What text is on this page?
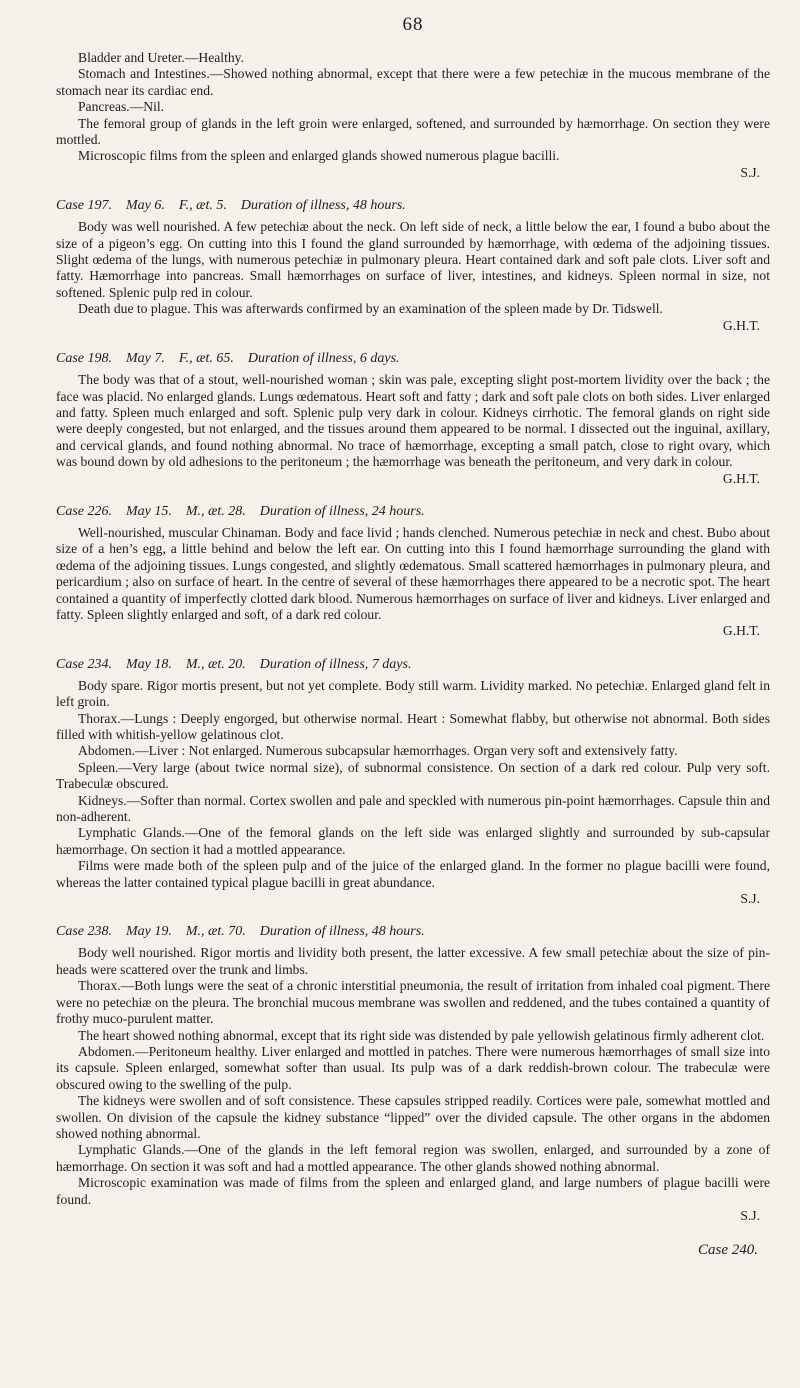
68

Bladder and Ureter.—Healthy.

Stomach and Intestines.—Showed nothing abnormal, except that there were a few petechiæ in the mucous membrane of the stomach near its cardiac end.

Pancreas.—Nil.

The femoral group of glands in the left groin were enlarged, softened, and surrounded by hæmorrhage. On section they were mottled.

Microscopic films from the spleen and enlarged glands showed numerous plague bacilli.

S.J.
Case 197. May 6. F., æt. 5. Duration of illness, 48 hours.

Body was well nourished. A few petechiæ about the neck. On left side of neck, a little below the ear, I found a bubo about the size of a pigeon’s egg. On cutting into this I found the gland surrounded by hæmorrhage, with œdema of the adjoining tissues. Slight œdema of the lungs, with numerous petechiæ in pulmonary pleura. Heart contained dark and soft pale clots. Liver soft and fatty. Hæmorrhage into pancreas. Small hæmorrhages on surface of liver, intestines, and kidneys. Spleen normal in size, not softened. Splenic pulp red in colour.

Death due to plague. This was afterwards confirmed by an examination of the spleen made by Dr. Tidswell.

G.H.T.
Case 198. May 7. F., æt. 65. Duration of illness, 6 days.

The body was that of a stout, well-nourished woman ; skin was pale, excepting slight post-mortem lividity over the back ; the face was placid. No enlarged glands. Lungs œdematous. Heart soft and fatty ; dark and soft pale clots on both sides. Liver enlarged and fatty. Spleen much enlarged and soft. Splenic pulp very dark in colour. Kidneys cirrhotic. The femoral glands on right side were deeply congested, but not enlarged, and the tissues around them appeared to be normal. I dissected out the inguinal, axillary, and cervical glands, and found nothing abnormal. No trace of hæmorrhage, excepting a small patch, close to right ovary, which was bound down by old adhesions to the peritoneum ; the hæmorrhage was beneath the peritoneum, and very dark in colour.

G.H.T.
Case 226. May 15. M., æt. 28. Duration of illness, 24 hours.

Well-nourished, muscular Chinaman. Body and face livid ; hands clenched. Numerous petechiæ in neck and chest. Bubo about size of a hen’s egg, a little behind and below the left ear. On cutting into this I found hæmorrhage surrounding the gland with œdema of the adjoining tissues. Lungs congested, and slightly œdematous. Small scattered hæmorrhages in pulmonary pleura, and pericardium ; also on surface of heart. In the centre of several of these hæmorrhages there appeared to be a necrotic spot. The heart contained a quantity of imperfectly clotted dark blood. Numerous hæmorrhages on surface of liver and kidneys. Liver enlarged and fatty. Spleen slightly enlarged and soft, of a dark red colour.

G.H.T.
Case 234. May 18. M., æt. 20. Duration of illness, 7 days.

Body spare. Rigor mortis present, but not yet complete. Body still warm. Lividity marked. No petechiæ. Enlarged gland felt in left groin.

Thorax.—Lungs : Deeply engorged, but otherwise normal. Heart : Somewhat flabby, but otherwise not abnormal. Both sides filled with whitish-yellow gelatinous clot.

Abdomen.—Liver : Not enlarged. Numerous subcapsular hæmorrhages. Organ very soft and extensively fatty.

Spleen.—Very large (about twice normal size), of subnormal consistence. On section of a dark red colour. Pulp very soft. Trabeculæ obscured.

Kidneys.—Softer than normal. Cortex swollen and pale and speckled with numerous pin-point hæmorrhages. Capsule thin and non-adherent.

Lymphatic Glands.—One of the femoral glands on the left side was enlarged slightly and surrounded by sub-capsular hæmorrhage. On section it had a mottled appearance.

Films were made both of the spleen pulp and of the juice of the enlarged gland. In the former no plague bacilli were found, whereas the latter contained typical plague bacilli in great abundance.

S.J.
Case 238. May 19. M., æt. 70. Duration of illness, 48 hours.

Body well nourished. Rigor mortis and lividity both present, the latter excessive. A few small petechiæ about the size of pin-heads were scattered over the trunk and limbs.

Thorax.—Both lungs were the seat of a chronic interstitial pneumonia, the result of irritation from inhaled coal pigment. There were no petechiæ on the pleura. The bronchial mucous membrane was swollen and reddened, and the tubes contained a quantity of frothy muco-purulent matter.

The heart showed nothing abnormal, except that its right side was distended by pale yellowish gelatinous firmly adherent clot.

Abdomen.—Peritoneum healthy. Liver enlarged and mottled in patches. There were numerous hæmorrhages of small size into its capsule. Spleen enlarged, somewhat softer than usual. Its pulp was of a dark reddish-brown colour. The trabeculæ were obscured owing to the swelling of the pulp.

The kidneys were swollen and of soft consistence. These capsules stripped readily. Cortices were pale, somewhat mottled and swollen. On division of the capsule the kidney substance “lipped” over the divided capsule. The other organs in the abdomen showed nothing abnormal.

Lymphatic Glands.—One of the glands in the left femoral region was swollen, enlarged, and surrounded by a zone of hæmorrhage. On section it was soft and had a mottled appearance. The other glands showed nothing abnormal.

Microscopic examination was made of films from the spleen and enlarged gland, and large numbers of plague bacilli were found.

S.J.
Case 240.
